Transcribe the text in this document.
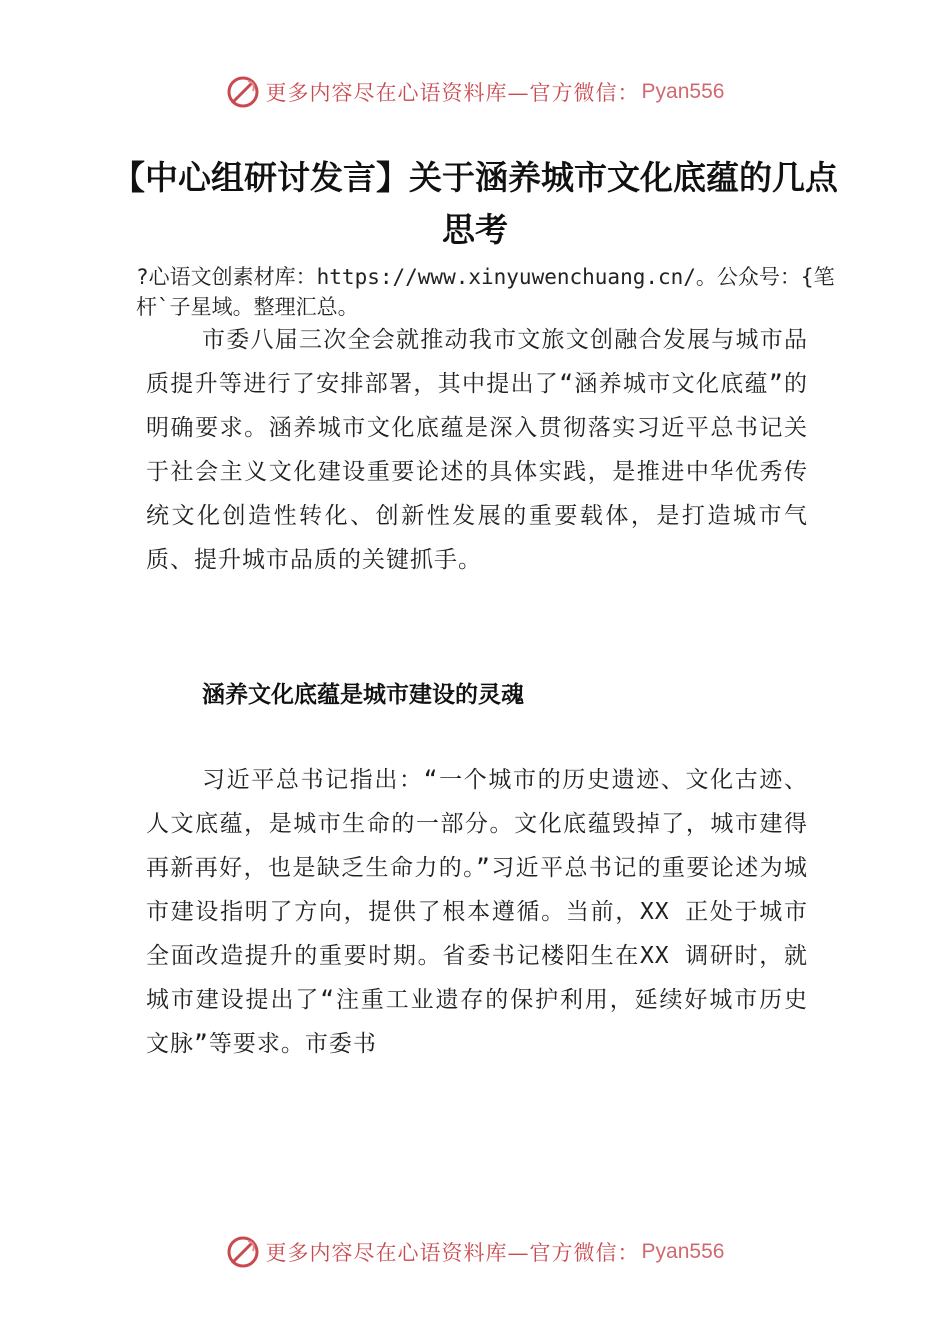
更多内容尽在心语资料库—官方微信： Pyan556
【中心组研讨发言】关于涵养城市文化底蕴的几点思考

?心语文创素材库：https://www.xinyuwenchuang.cn/。公众号：{笔杆`子星域。整理汇总。

市委八届三次全会就推动我市文旅文创融合发展与城市品质提升等进行了安排部署，其中提出了“涵养城市文化底蕴”的明确要求。涵养城市文化底蕴是深入贯彻落实习近平总书记关于社会主义文化建设重要论述的具体实践，是推进中华优秀传统文化创造性转化、创新性发展的重要载体，是打造城市气质、提升城市品质的关键抓手。

涵养文化底蕴是城市建设的灵魂

习近平总书记指出：“一个城市的历史遗迹、文化古迹、人文底蕴，是城市生命的一部分。文化底蕴毁掉了，城市建得再新再好，也是缺乏生命力的。”习近平总书记的重要论述为城市建设指明了方向，提供了根本遵循。当前，XX 正处于城市全面改造提升的重要时期。省委书记楼阳生在XX 调研时，就城市建设提出了“注重工业遗存的保护利用，延续好城市历史文脉”等要求。市委书

更多内容尽在心语资料库—官方微信： Pyan556
